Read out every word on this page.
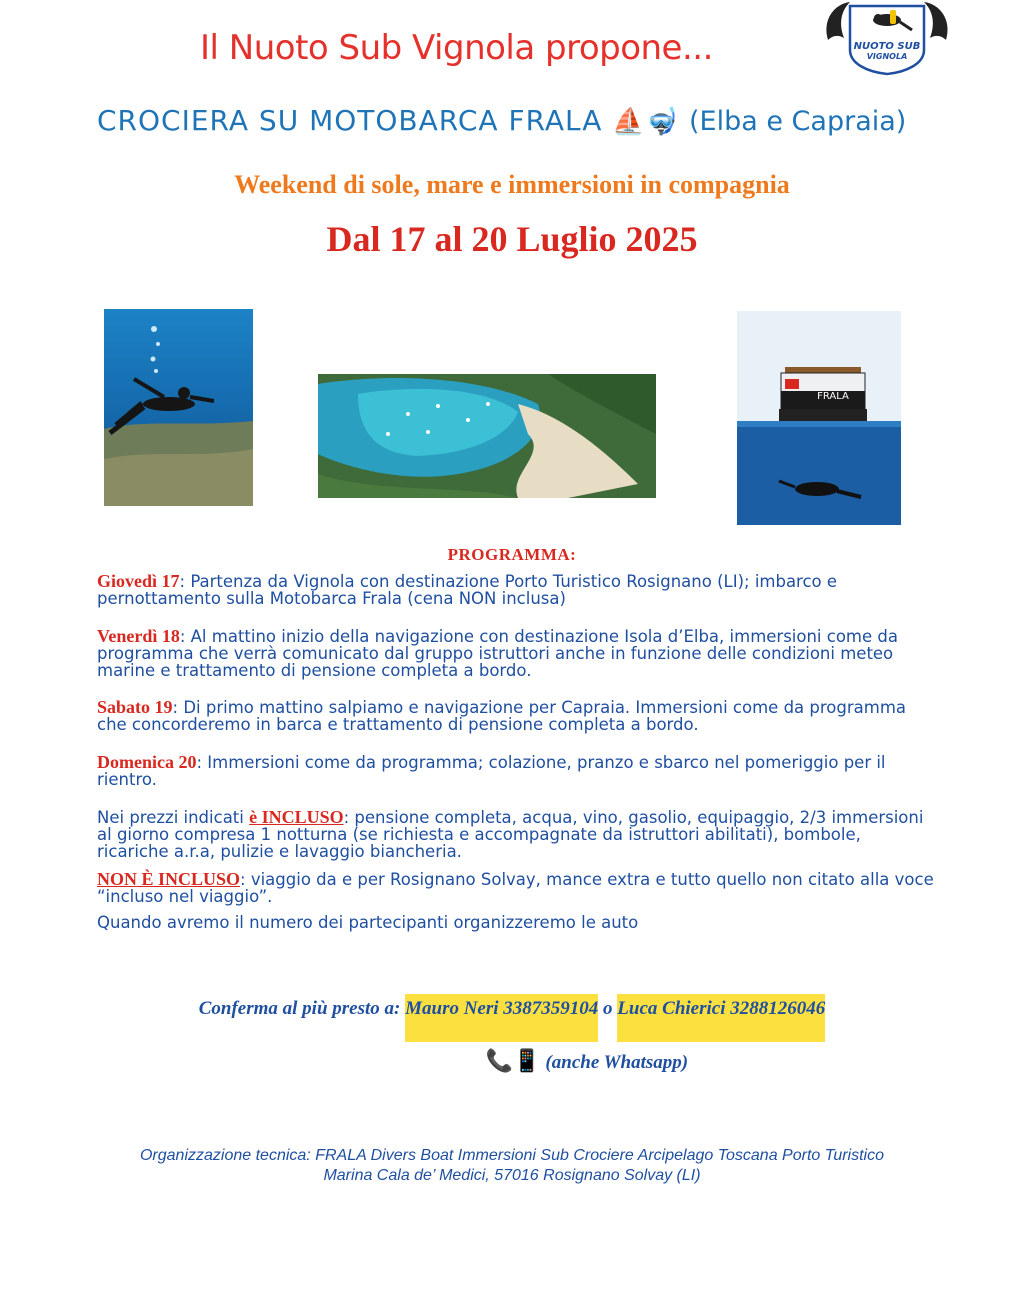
Il Nuoto Sub Vignola propone...	NUOTO SUB
VIGNOLA
CROCIERA SU MOTOBARCA FRALA ⛵🤿 (Elba e Capraia)
Weekend di sole, mare e immersioni in compagnia
Dal 17 al 20 Luglio 2025
FRALA
PROGRAMMA:
Giovedì 17: Partenza da Vignola con destinazione Porto Turistico Rosignano (LI); imbarco e pernottamento sulla Motobarca Frala (cena NON inclusa)
Venerdì 18: Al mattino inizio della navigazione con destinazione Isola d’Elba, immersioni come da programma che verrà comunicato dal gruppo istruttori anche in funzione delle condizioni meteo marine e trattamento di pensione completa a bordo.
Sabato 19: Di primo mattino salpiamo e navigazione per Capraia. Immersioni come da programma che concorderemo in barca e trattamento di pensione completa a bordo.
Domenica 20: Immersioni come da programma; colazione, pranzo e sbarco nel pomeriggio per il rientro.
Nei prezzi indicati è INCLUSO: pensione completa, acqua, vino, gasolio, equipaggio, 2/3 immersioni al giorno compresa 1 notturna (se richiesta e accompagnate da istruttori abilitati), bombole, ricariche a.r.a, pulizie e lavaggio biancheria.
NON È INCLUSO: viaggio da e per Rosignano Solvay, mance extra e tutto quello non citato alla voce “incluso nel viaggio”.
Quando avremo il numero dei partecipanti organizzeremo le auto
Conferma al più presto a: Mauro Neri 3387359104 o Luca Chierici 3288126046
📞📱 (anche Whatsapp)
Organizzazione tecnica: FRALA Divers Boat Immersioni Sub Crociere Arcipelago Toscana Porto Turistico
Marina Cala de’ Medici, 57016 Rosignano Solvay (LI)
